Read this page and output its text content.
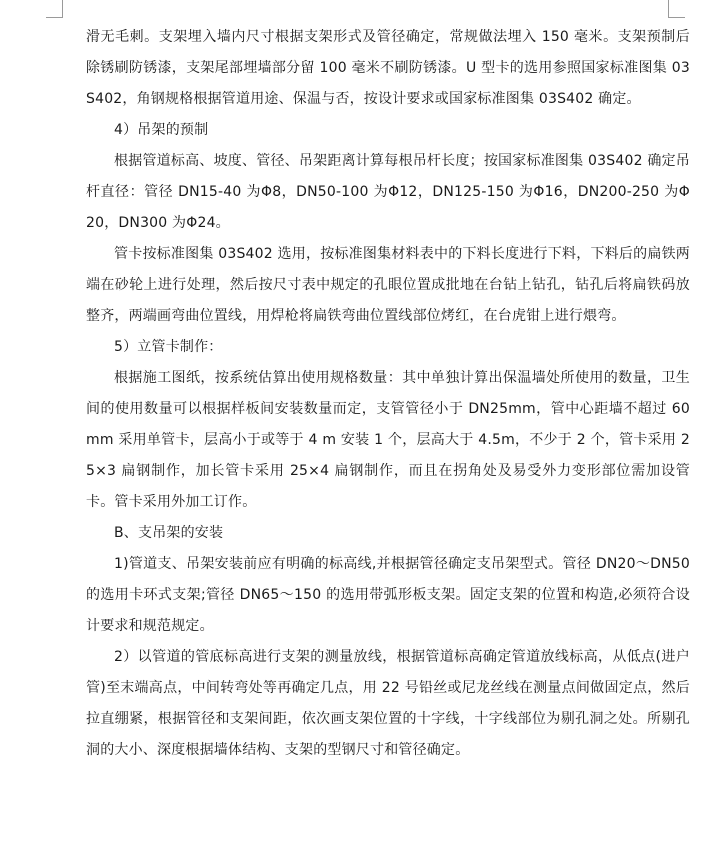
滑无毛刺。支架埋入墙内尺寸根据支架形式及管径确定，常规做法埋入 150 毫米。支架预制后除锈刷防锈漆，支架尾部埋墙部分留 100 毫米不刷防锈漆。U 型卡的选用参照国家标准图集 03S402，角钢规格根据管道用途、保温与否，按设计要求或国家标准图集 03S402 确定。

4）吊架的预制

根据管道标高、坡度、管径、吊架距离计算每根吊杆长度；按国家标准图集 03S402 确定吊杆直径：管径 DN15-40 为Φ8，DN50-100 为Φ12，DN125-150 为Φ16，DN200-250 为Φ20，DN300 为Φ24。

管卡按标准图集 03S402 选用，按标准图集材料表中的下料长度进行下料，下料后的扁铁两端在砂轮上进行处理，然后按尺寸表中规定的孔眼位置成批地在台钻上钻孔，钻孔后将扁铁码放整齐，两端画弯曲位置线，用焊枪将扁铁弯曲位置线部位烤红，在台虎钳上进行煨弯。

5）立管卡制作：

根据施工图纸，按系统估算出使用规格数量：其中单独计算出保温墙处所使用的数量，卫生间的使用数量可以根据样板间安装数量而定，支管管径小于 DN25mm，管中心距墙不超过 60mm 采用单管卡，层高小于或等于 4 m 安装 1 个，层高大于 4.5m，不少于 2 个，管卡采用 25×3 扁钢制作，加长管卡采用 25×4 扁钢制作，而且在拐角处及易受外力变形部位需加设管卡。管卡采用外加工订作。

B、支吊架的安装

1)管道支、吊架安装前应有明确的标高线,并根据管径确定支吊架型式。管径 DN20～DN50 的选用卡环式支架;管径 DN65～150 的选用带弧形板支架。固定支架的位置和构造,必须符合设计要求和规范规定。

2）以管道的管底标高进行支架的测量放线，根据管道标高确定管道放线标高，从低点(进户管)至末端高点，中间转弯处等再确定几点，用 22 号铅丝或尼龙丝线在测量点间做固定点，然后拉直绷紧，根据管径和支架间距，依次画支架位置的十字线，十字线部位为剔孔洞之处。所剔孔洞的大小、深度根据墙体结构、支架的型钢尺寸和管径确定。
